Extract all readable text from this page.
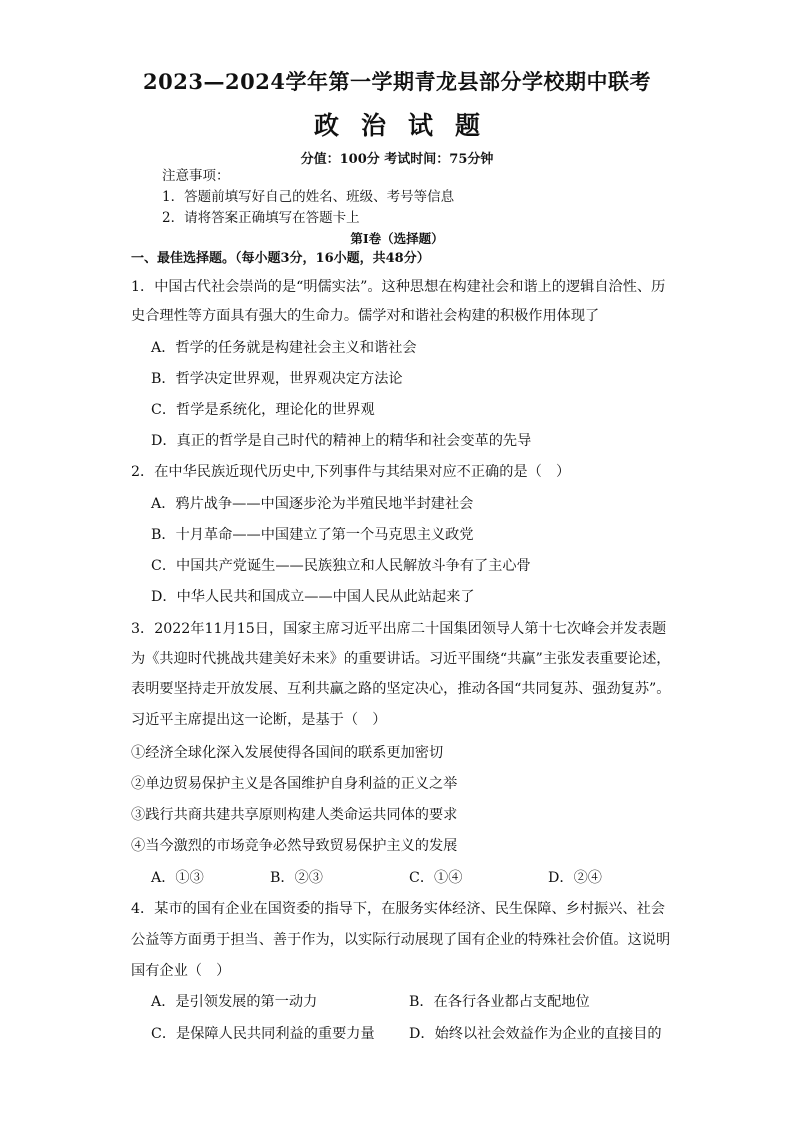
2023—2024学年第一学期青龙县部分学校期中联考
政治试题
分值：100分 考试时间：75分钟
注意事项：
1．答题前填写好自己的姓名、班级、考号等信息
2．请将答案正确填写在答题卡上
第I卷（选择题）
一、最佳选择题。（每小题3分，16小题，共48分）
1．中国古代社会崇尚的是“明儒实法”。这种思想在构建社会和谐上的逻辑自洽性、历
史合理性等方面具有强大的生命力。儒学对和谐社会构建的积极作用体现了
A．哲学的任务就是构建社会主义和谐社会
B．哲学决定世界观，世界观决定方法论
C．哲学是系统化，理论化的世界观
D．真正的哲学是自己时代的精神上的精华和社会变革的先导
2．在中华民族近现代历史中,下列事件与其结果对应不正确的是（　）
A．鸦片战争——中国逐步沦为半殖民地半封建社会
B．十月革命——中国建立了第一个马克思主义政党
C．中国共产党诞生——民族独立和人民解放斗争有了主心骨
D．中华人民共和国成立——中国人民从此站起来了
3．2022年11月15日，国家主席习近平出席二十国集团领导人第十七次峰会并发表题
为《共迎时代挑战共建美好未来》的重要讲话。习近平围绕“共赢”主张发表重要论述，
表明要坚持走开放发展、互利共赢之路的坚定决心，推动各国“共同复苏、强劲复苏”。
习近平主席提出这一论断，是基于（　）
①经济全球化深入发展使得各国间的联系更加密切
②单边贸易保护主义是各国维护自身利益的正义之举
③践行共商共建共享原则构建人类命运共同体的要求
④当今激烈的市场竞争必然导致贸易保护主义的发展
A．①③	B．②③	C．①④	D．②④
4．某市的国有企业在国资委的指导下，在服务实体经济、民生保障、乡村振兴、社会
公益等方面勇于担当、善于作为，以实际行动展现了国有企业的特殊社会价值。这说明
国有企业（　）
A．是引领发展的第一动力	B．在各行各业都占支配地位
C．是保障人民共同利益的重要力量 D．始终以社会效益作为企业的直接目的
